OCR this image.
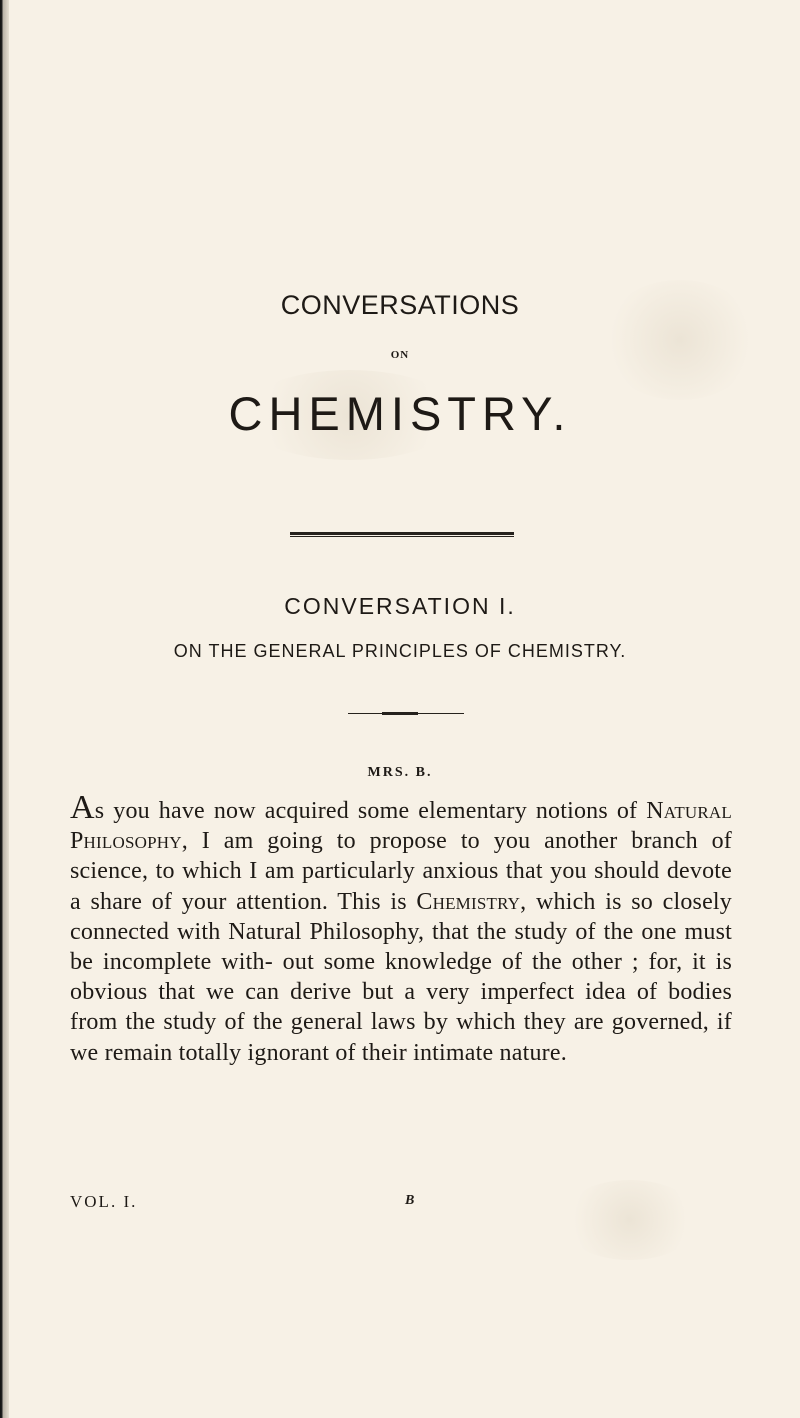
CONVERSATIONS
ON
CHEMISTRY.
CONVERSATION I.
ON THE GENERAL PRINCIPLES OF CHEMISTRY.
MRS. B.
As you have now acquired some elementary notions of Natural Philosophy, I am going to propose to you another branch of science, to which I am particularly anxious that you should devote a share of your attention. This is Chemistry, which is so closely connected with Natural Philosophy, that the study of the one must be incomplete with- out some knowledge of the other ; for, it is obvious that we can derive but a very imperfect idea of bodies from the study of the general laws by which they are governed, if we remain totally ignorant of their intimate nature.
VOL. I.	B
